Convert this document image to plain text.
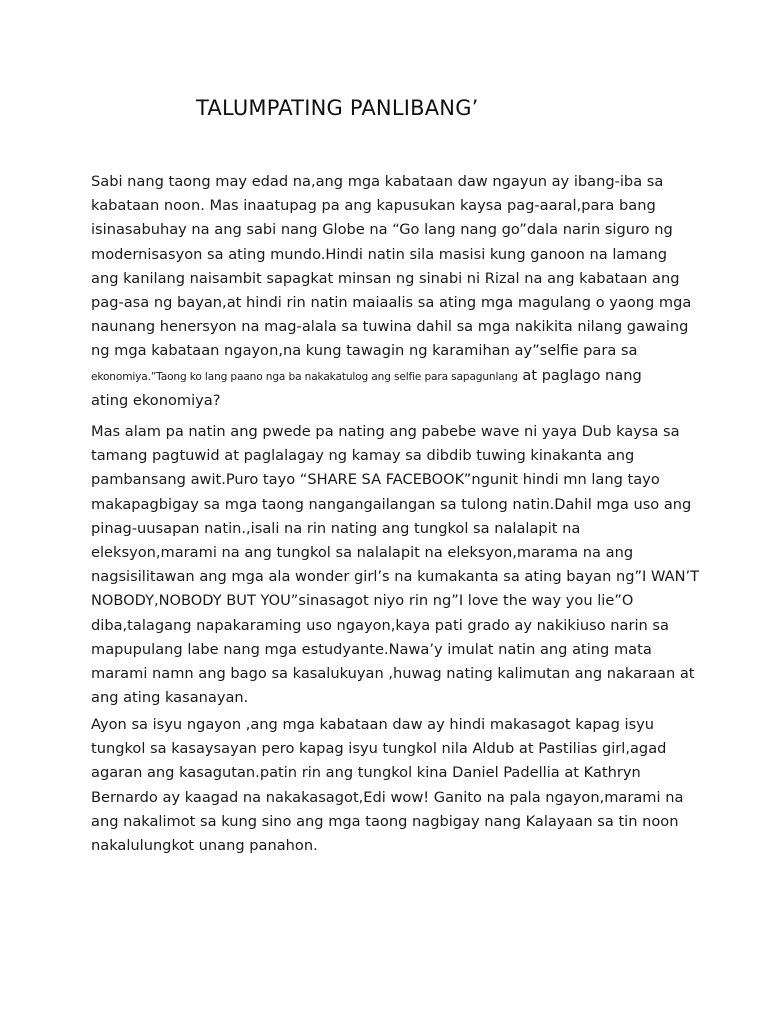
TALUMPATING PANLIBANG’
Sabi nang taong may edad na,ang mga kabataan daw ngayun ay ibang-iba sa
kabataan noon. Mas inaatupag pa ang kapusukan kaysa pag-aaral,para bang
isinasabuhay na ang sabi nang Globe na “Go lang nang go”dala narin siguro ng
modernisasyon sa ating mundo.Hindi natin sila masisi kung ganoon na lamang
ang kanilang naisambit sapagkat minsan ng sinabi ni Rizal na ang kabataan ang
pag-asa ng bayan,at hindi rin natin maiaalis sa ating mga magulang o yaong mga
naunang henersyon na mag-alala sa tuwina dahil sa mga nakikita nilang gawaing
ng mga kabataan ngayon,na kung tawagin ng karamihan ay”selfie para sa
ekonomiya.”Taong ko lang paano nga ba nakakatulog ang selfie para sapagunlang at paglago nang
ating ekonomiya?
Mas alam pa natin ang pwede pa nating ang pabebe wave ni yaya Dub kaysa sa
tamang pagtuwid at paglalagay ng kamay sa dibdib tuwing kinakanta ang
pambansang awit.Puro tayo “SHARE SA FACEBOOK”ngunit hindi mn lang tayo
makapagbigay sa mga taong nangangailangan sa tulong natin.Dahil mga uso ang
pinag-uusapan natin.,isali na rin nating ang tungkol sa nalalapit na
eleksyon,marami na ang tungkol sa nalalapit na eleksyon,marama na ang
nagsisilitawan ang mga ala wonder girl’s na kumakanta sa ating bayan ng”I WAN’T
NOBODY,NOBODY BUT YOU”sinasagot niyo rin ng”I love the way you lie”O
diba,talagang napakaraming uso ngayon,kaya pati grado ay nakikiuso narin sa
mapupulang labe nang mga estudyante.Nawa’y imulat natin ang ating mata
marami namn ang bago sa kasalukuyan ,huwag nating kalimutan ang nakaraan at
ang ating kasanayan.
Ayon sa isyu ngayon ,ang mga kabataan daw ay hindi makasagot kapag isyu
tungkol sa kasaysayan pero kapag isyu tungkol nila Aldub at Pastilias girl,agad
agaran ang kasagutan.patin rin ang tungkol kina Daniel Padellia at Kathryn
Bernardo ay kaagad na nakakasagot,Edi wow! Ganito na pala ngayon,marami na
ang nakalimot sa kung sino ang mga taong nagbigay nang Kalayaan sa tin noon
nakalulungkot unang panahon.
